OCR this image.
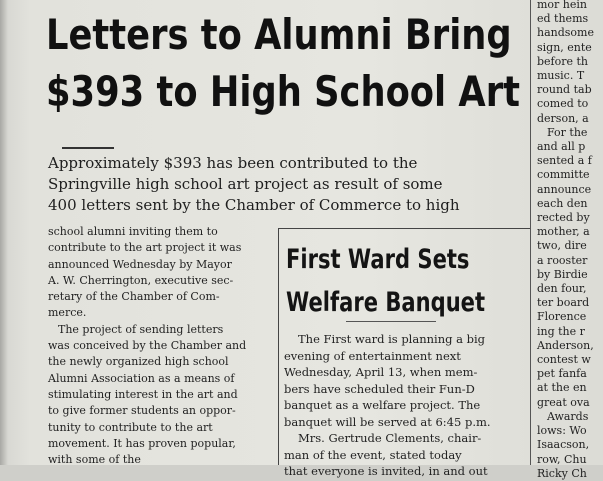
Letters to Alumni Bring
$393 to High School Art
Approximately $393 has been contributed to the
Springville high school art project as result of some
400 letters sent by the Chamber of Commerce to high
school alumni inviting them to
contribute to the art project it was
announced Wednesday by Mayor
A. W. Cherrington, executive sec-
retary of the Chamber of Com-
merce.
The project of sending letters
was conceived by the Chamber and
the newly organized high school
Alumni Association as a means of
stimulating interest in the art and
to give former students an oppor-
tunity to contribute to the art
movement. It has proven popular,
with some of the
First Ward Sets
Welfare Banquet
The First ward is planning a big
evening of entertainment next
Wednesday, April 13, when mem-
bers have scheduled their Fun-D
banquet as a welfare project. The
banquet will be served at 6:45 p.m.
Mrs. Gertrude Clements, chair-
man of the event, stated today
that everyone is invited, in and out
mor hein
ed thems
handsome
sign, ente
before th
music. T
round tab
comed to
derson, a
For the
and all p
sented a f
committe
announce
each den
rected by
mother, a
two, dire
a rooster
by Birdie
den four,
ter board
Florence
ing the r
Anderson,
contest w
pet fanfa
at the en
great ova
Awards
lows: Wo
Isaacson,
row, Chu
Ricky Ch
